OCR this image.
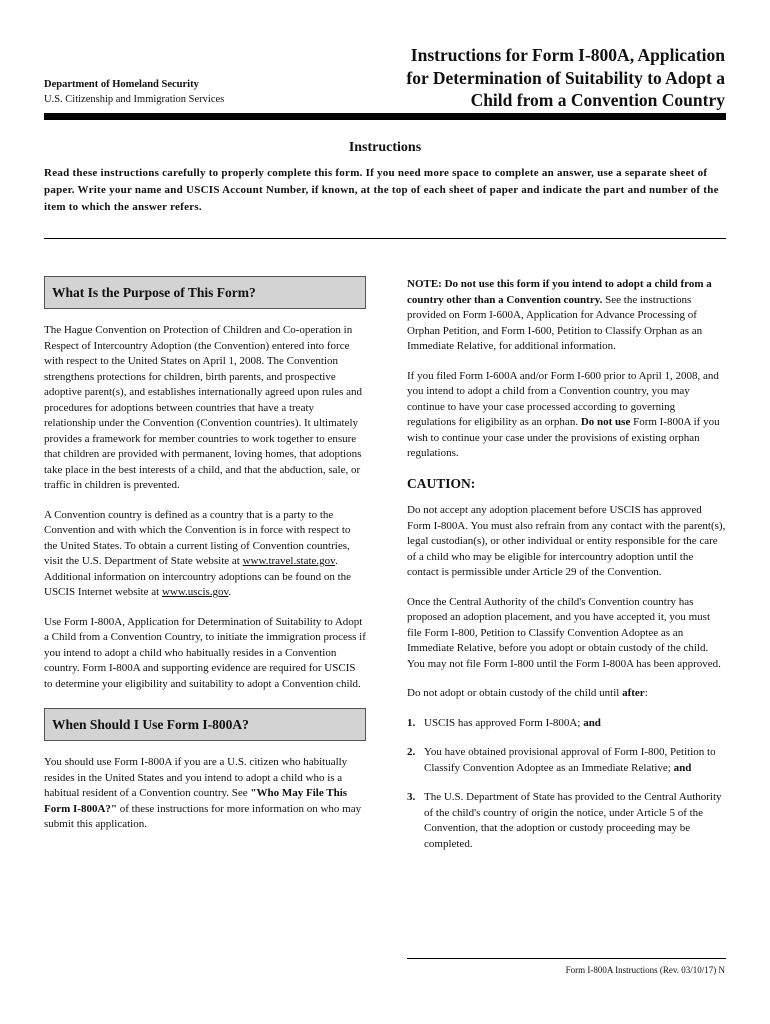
Department of Homeland Security
U.S. Citizenship and Immigration Services
Instructions for Form I-800A, Application
for Determination of Suitability to Adopt a
Child from a Convention Country
Instructions
Read these instructions carefully to properly complete this form. If you need more space to complete an answer, use a separate sheet of paper. Write your name and USCIS Account Number, if known, at the top of each sheet of paper and indicate the part and number of the item to which the answer refers.
What Is the Purpose of This Form?

The Hague Convention on Protection of Children and Co-operation in Respect of Intercountry Adoption (the Convention) entered into force with respect to the United States on April 1, 2008. The Convention strengthens protections for children, birth parents, and prospective adoptive parent(s), and establishes internationally agreed upon rules and procedures for adoptions between countries that have a treaty relationship under the Convention (Convention countries). It ultimately provides a framework for member countries to work together to ensure that children are provided with permanent, loving homes, that adoptions take place in the best interests of a child, and that the abduction, sale, or traffic in children is prevented.

A Convention country is defined as a country that is a party to the Convention and with which the Convention is in force with respect to the United States. To obtain a current listing of Convention countries, visit the U.S. Department of State website at www.travel.state.gov. Additional information on intercountry adoptions can be found on the USCIS Internet website at www.uscis.gov.

Use Form I-800A, Application for Determination of Suitability to Adopt a Child from a Convention Country, to initiate the immigration process if you intend to adopt a child who habitually resides in a Convention country. Form I-800A and supporting evidence are required for USCIS to determine your eligibility and suitability to adopt a Convention child.

When Should I Use Form I-800A?

You should use Form I-800A if you are a U.S. citizen who habitually resides in the United States and you intend to adopt a child who is a habitual resident of a Convention country. See "Who May File This Form I-800A?" of these instructions for more information on who may submit this application.

NOTE: Do not use this form if you intend to adopt a child from a country other than a Convention country. See the instructions provided on Form I-600A, Application for Advance Processing of Orphan Petition, and Form I-600, Petition to Classify Orphan as an Immediate Relative, for additional information.

If you filed Form I-600A and/or Form I-600 prior to April 1, 2008, and you intend to adopt a child from a Convention country, you may continue to have your case processed according to governing regulations for eligibility as an orphan. Do not use Form I-800A if you wish to continue your case under the provisions of existing orphan regulations.

CAUTION:

Do not accept any adoption placement before USCIS has approved Form I-800A. You must also refrain from any contact with the parent(s), legal custodian(s), or other individual or entity responsible for the care of a child who may be eligible for intercountry adoption until the contact is permissible under Article 29 of the Convention.

Once the Central Authority of the child's Convention country has proposed an adoption placement, and you have accepted it, you must file Form I-800, Petition to Classify Convention Adoptee as an Immediate Relative, before you adopt or obtain custody of the child. You may not file Form I-800 until the Form I-800A has been approved.

Do not adopt or obtain custody of the child until after:

1. USCIS has approved Form I-800A; and
2. You have obtained provisional approval of Form I-800, Petition to Classify Convention Adoptee as an Immediate Relative; and
3. The U.S. Department of State has provided to the Central Authority of the child's country of origin the notice, under Article 5 of the Convention, that the adoption or custody proceeding may be completed.
Form I-800A Instructions (Rev. 03/10/17) N
